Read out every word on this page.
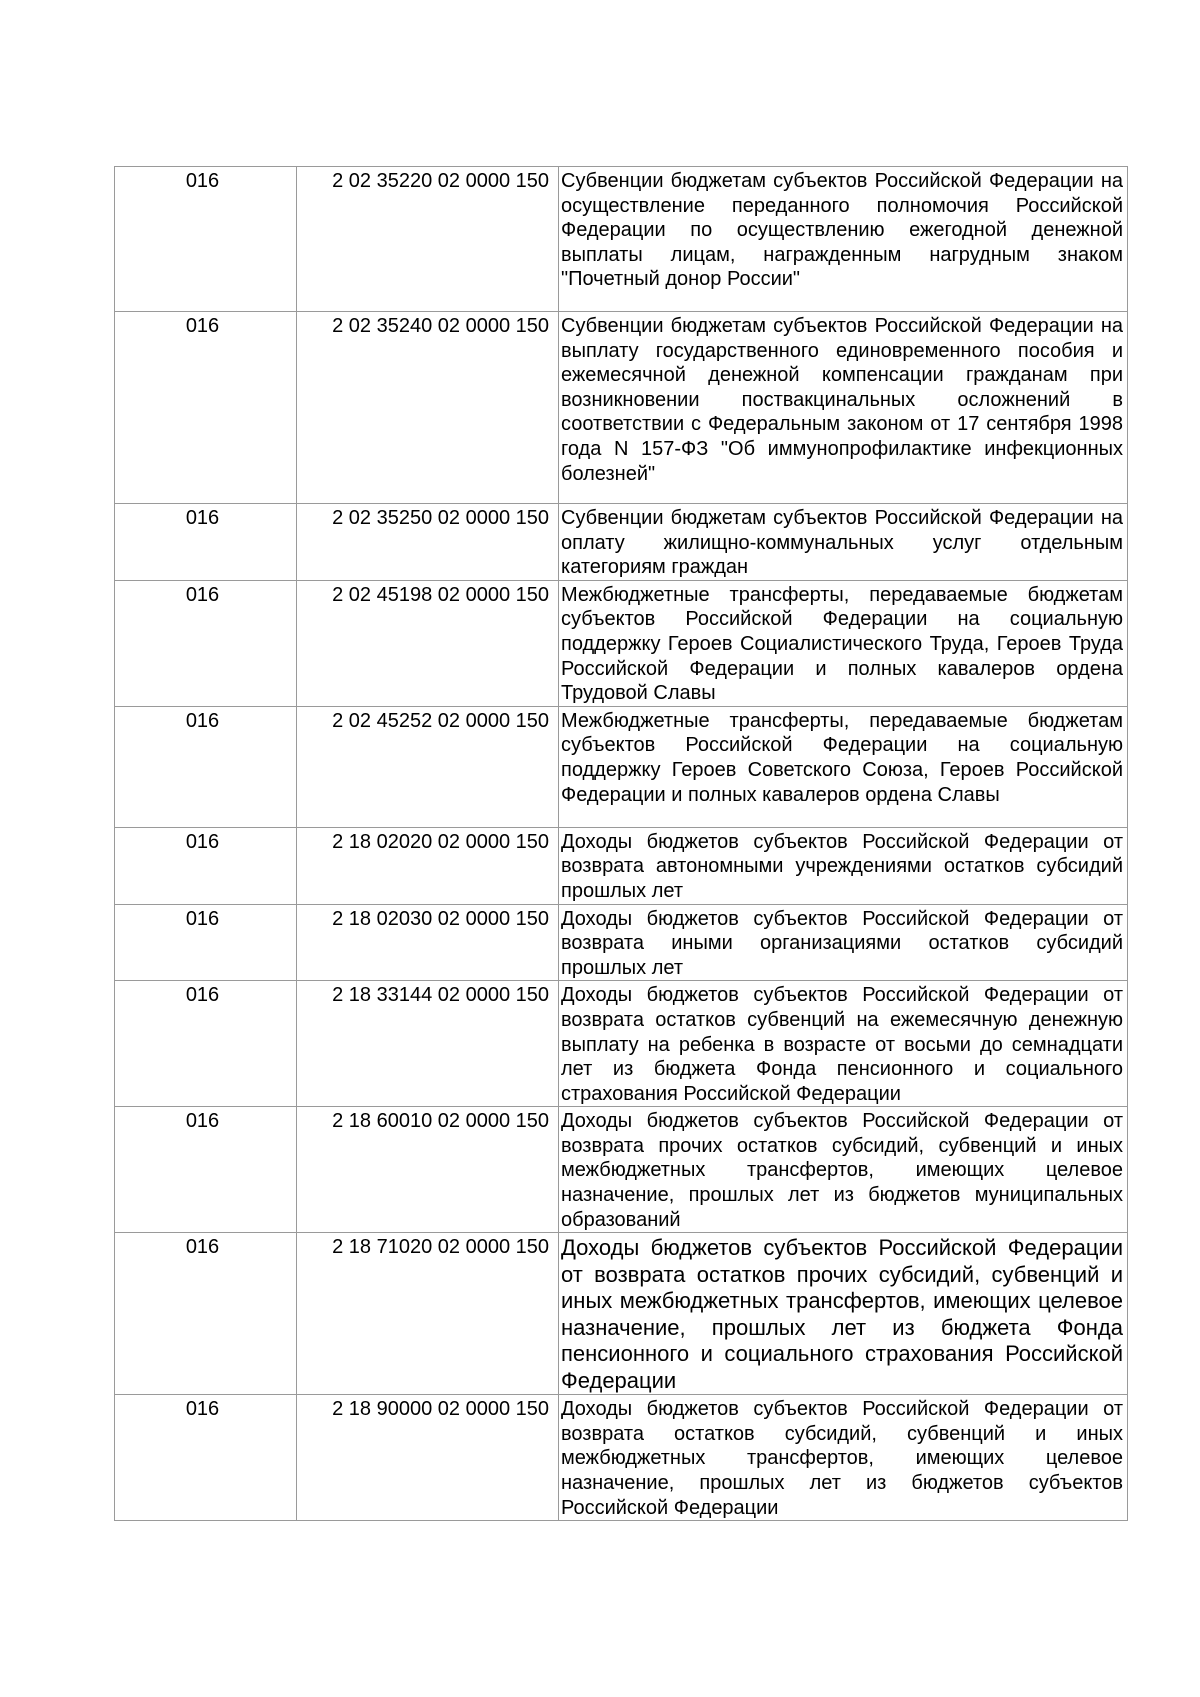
016	2 02 35220 02 0000 150	Субвенции бюджетам субъектов Российской Федерации на осуществление переданного полномочия Российской Федерации по осуществлению ежегодной денежной выплаты лицам, награжденным нагрудным знаком "Почетный донор России"

016	2 02 35240 02 0000 150	Субвенции бюджетам субъектов Российской Федерации на выплату государственного единовременного пособия и ежемесячной денежной компенсации гражданам при возникновении поствакцинальных осложнений в соответствии с Федеральным законом от 17 сентября 1998 года N 157-ФЗ "Об иммунопрофилактике инфекционных болезней"

016	2 02 35250 02 0000 150	Субвенции бюджетам субъектов Российской Федерации на оплату жилищно-коммунальных услуг отдельным категориям граждан

016	2 02 45198 02 0000 150	Межбюджетные трансферты, передаваемые бюджетам субъектов Российской Федерации на социальную поддержку Героев Социалистического Труда, Героев Труда Российской Федерации и полных кавалеров ордена Трудовой Славы

016	2 02 45252 02 0000 150	Межбюджетные трансферты, передаваемые бюджетам субъектов Российской Федерации на социальную поддержку Героев Советского Союза, Героев Российской Федерации и полных кавалеров ордена Славы

016	2 18 02020 02 0000 150	Доходы бюджетов субъектов Российской Федерации от возврата автономными учреждениями остатков субсидий прошлых лет

016	2 18 02030 02 0000 150	Доходы бюджетов субъектов Российской Федерации от возврата иными организациями остатков субсидий прошлых лет

016	2 18 33144 02 0000 150	Доходы бюджетов субъектов Российской Федерации от возврата остатков субвенций на ежемесячную денежную выплату на ребенка в возрасте от восьми до семнадцати лет из бюджета Фонда пенсионного и социального страхования Российской Федерации

016	2 18 60010 02 0000 150	Доходы бюджетов субъектов Российской Федерации от возврата прочих остатков субсидий, субвенций и иных межбюджетных трансфертов, имеющих целевое назначение, прошлых лет из бюджетов муниципальных образований

016	2 18 71020 02 0000 150	Доходы бюджетов субъектов Российской Федерации от возврата остатков прочих субсидий, субвенций и иных межбюджетных трансфертов, имеющих целевое назначение, прошлых лет из бюджета Фонда пенсионного и социального страхования Российской Федерации

016	2 18 90000 02 0000 150	Доходы бюджетов субъектов Российской Федерации от возврата остатков субсидий, субвенций и иных межбюджетных трансфертов, имеющих целевое назначение, прошлых лет из бюджетов субъектов Российской Федерации
